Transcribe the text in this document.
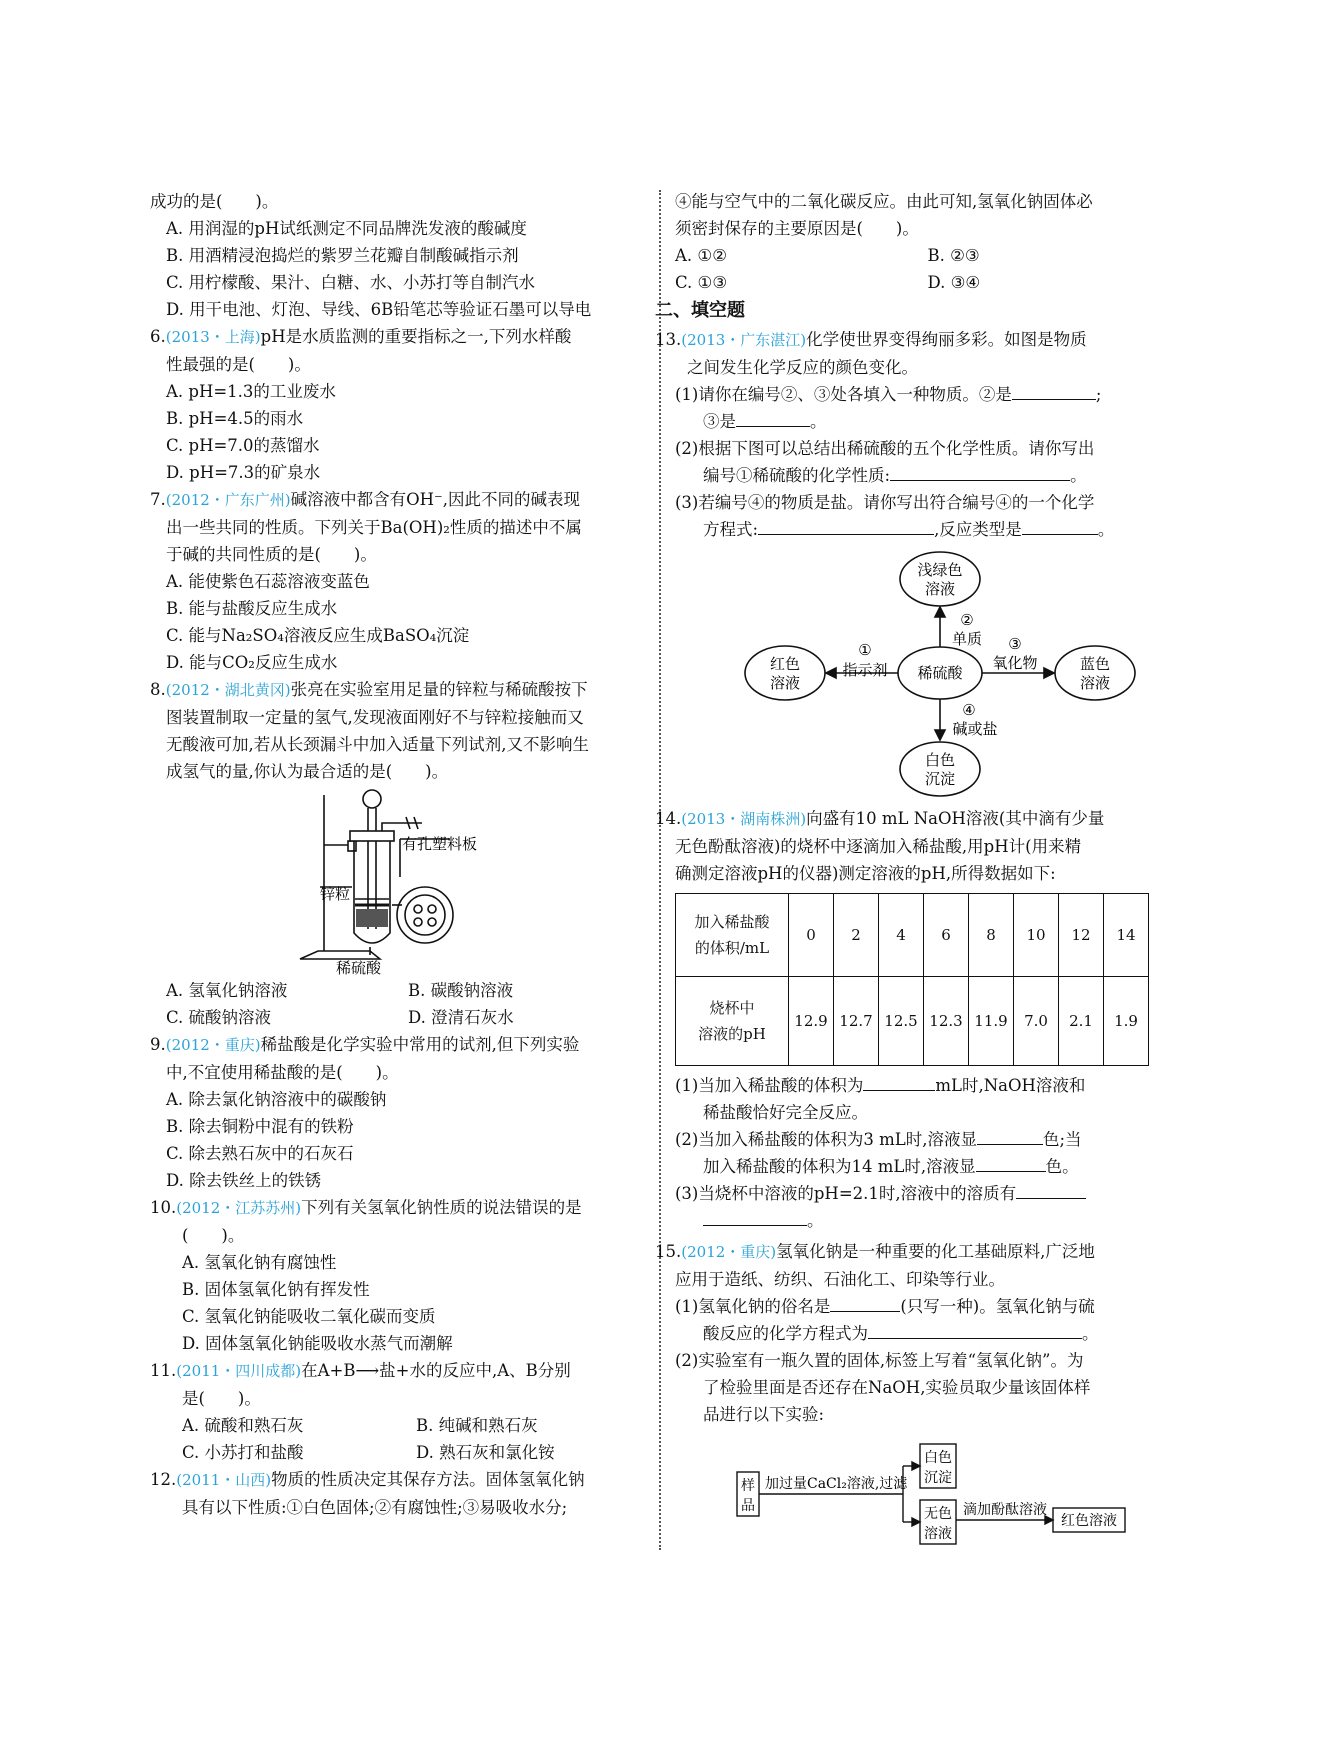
成功的是(　　)。
A. 用润湿的pH试纸测定不同品牌洗发液的酸碱度
B. 用酒精浸泡捣烂的紫罗兰花瓣自制酸碱指示剂
C. 用柠檬酸、果汁、白糖、水、小苏打等自制汽水
D. 用干电池、灯泡、导线、6B铅笔芯等验证石墨可以导电
6.(2013・上海)pH是水质监测的重要指标之一,下列水样酸
性最强的是(　　)。
A. pH=1.3的工业废水
B. pH=4.5的雨水
C. pH=7.0的蒸馏水
D. pH=7.3的矿泉水
7.(2012・广东广州)碱溶液中都含有OH⁻,因此不同的碱表现
出一些共同的性质。下列关于Ba(OH)₂性质的描述中不属
于碱的共同性质的是(　　)。
A. 能使紫色石蕊溶液变蓝色
B. 能与盐酸反应生成水
C. 能与Na₂SO₄溶液反应生成BaSO₄沉淀
D. 能与CO₂反应生成水
8.(2012・湖北黄冈)张亮在实验室用足量的锌粒与稀硫酸按下
图装置制取一定量的氢气,发现液面刚好不与锌粒接触而又
无酸液可加,若从长颈漏斗中加入适量下列试剂,又不影响生
成氢气的量,你认为最合适的是(　　)。
有孔塑料板
锌粒
稀硫酸
A. 氢氧化钠溶液	B. 碳酸钠溶液
C. 硫酸钠溶液	D. 澄清石灰水
9.(2012・重庆)稀盐酸是化学实验中常用的试剂,但下列实验
中,不宜使用稀盐酸的是(　　)。
A. 除去氯化钠溶液中的碳酸钠
B. 除去铜粉中混有的铁粉
C. 除去熟石灰中的石灰石
D. 除去铁丝上的铁锈
10.(2012・江苏苏州)下列有关氢氧化钠性质的说法错误的是
(　　)。
A. 氢氧化钠有腐蚀性
B. 固体氢氧化钠有挥发性
C. 氢氧化钠能吸收二氧化碳而变质
D. 固体氢氧化钠能吸收水蒸气而潮解
11.(2011・四川成都)在A+B⟶盐+水的反应中,A、B分别
是(　　)。
A. 硫酸和熟石灰	B. 纯碱和熟石灰
C. 小苏打和盐酸	D. 熟石灰和氯化铵
12.(2011・山西)物质的性质决定其保存方法。固体氢氧化钠
具有以下性质:①白色固体;②有腐蚀性;③易吸收水分;
④能与空气中的二氧化碳反应。由此可知,氢氧化钠固体必
须密封保存的主要原因是(　　)。
A. ①②	B. ②③
C. ①③	D. ③④
二、填空题
13.(2013・广东湛江)化学使世界变得绚丽多彩。如图是物质
之间发生化学反应的颜色变化。
(1)请你在编号②、③处各填入一种物质。②是	;
③是	。
(2)根据下图可以总结出稀硫酸的五个化学性质。请你写出
编号①稀硫酸的化学性质:	。
(3)若编号④的物质是盐。请你写出符合编号④的一个化学
方程式:	,反应类型是	。
浅绿色
溶液
红色
溶液
蓝色
溶液
白色
沉淀
稀硫酸
①
指示剂
②
单质 ③
氧化物
④
碱或盐
14.(2013・湖南株洲)向盛有10 mL NaOH溶液(其中滴有少量
无色酚酞溶液)的烧杯中逐滴加入稀盐酸,用pH计(用来精
确测定溶液pH的仪器)测定溶液的pH,所得数据如下:
加入稀盐酸
的体积/mL	0	2	4	6	8	10	12	14
烧杯中
溶液的pH	12.9	12.7	12.5	12.3	11.9	7.0	2.1	1.9
(1)当加入稀盐酸的体积为	mL时,NaOH溶液和
稀盐酸恰好完全反应。
(2)当加入稀盐酸的体积为3 mL时,溶液显	色;当
加入稀盐酸的体积为14 mL时,溶液显	色。
(3)当烧杯中溶液的pH=2.1时,溶液中的溶质有
。
15.(2012・重庆)氢氧化钠是一种重要的化工基础原料,广泛地
应用于造纸、纺织、石油化工、印染等行业。
(1)氢氧化钠的俗名是	(只写一种)。氢氧化钠与硫
酸反应的化学方程式为	。
(2)实验室有一瓶久置的固体,标签上写着“氢氧化钠”。为
了检验里面是否还存在NaOH,实验员取少量该固体样
品进行以下实验:
样
品
加过量CaCl₂溶液,过滤
白色
沉淀
无色
溶液
滴加酚酞溶液
红色溶液
